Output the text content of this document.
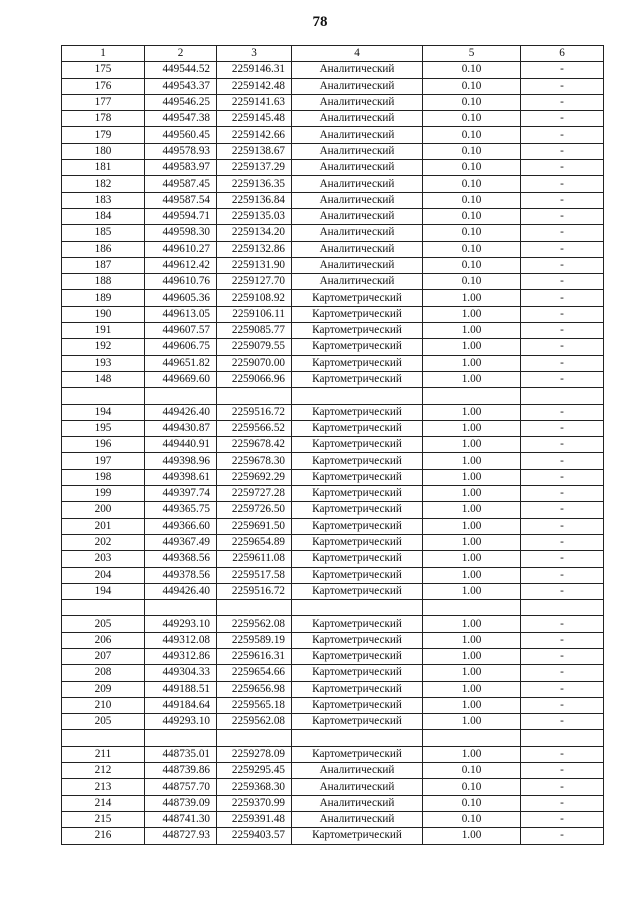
78
1	2	3	4	5	6
175	449544.52	2259146.31	Аналитический	0.10	-
176	449543.37	2259142.48	Аналитический	0.10	-
177	449546.25	2259141.63	Аналитический	0.10	-
178	449547.38	2259145.48	Аналитический	0.10	-
179	449560.45	2259142.66	Аналитический	0.10	-
180	449578.93	2259138.67	Аналитический	0.10	-
181	449583.97	2259137.29	Аналитический	0.10	-
182	449587.45	2259136.35	Аналитический	0.10	-
183	449587.54	2259136.84	Аналитический	0.10	-
184	449594.71	2259135.03	Аналитический	0.10	-
185	449598.30	2259134.20	Аналитический	0.10	-
186	449610.27	2259132.86	Аналитический	0.10	-
187	449612.42	2259131.90	Аналитический	0.10	-
188	449610.76	2259127.70	Аналитический	0.10	-
189	449605.36	2259108.92	Картометрический	1.00	-
190	449613.05	2259106.11	Картометрический	1.00	-
191	449607.57	2259085.77	Картометрический	1.00	-
192	449606.75	2259079.55	Картометрический	1.00	-
193	449651.82	2259070.00	Картометрический	1.00	-
148	449669.60	2259066.96	Картометрический	1.00	-

194	449426.40	2259516.72	Картометрический	1.00	-
195	449430.87	2259566.52	Картометрический	1.00	-
196	449440.91	2259678.42	Картометрический	1.00	-
197	449398.96	2259678.30	Картометрический	1.00	-
198	449398.61	2259692.29	Картометрический	1.00	-
199	449397.74	2259727.28	Картометрический	1.00	-
200	449365.75	2259726.50	Картометрический	1.00	-
201	449366.60	2259691.50	Картометрический	1.00	-
202	449367.49	2259654.89	Картометрический	1.00	-
203	449368.56	2259611.08	Картометрический	1.00	-
204	449378.56	2259517.58	Картометрический	1.00	-
194	449426.40	2259516.72	Картометрический	1.00	-

205	449293.10	2259562.08	Картометрический	1.00	-
206	449312.08	2259589.19	Картометрический	1.00	-
207	449312.86	2259616.31	Картометрический	1.00	-
208	449304.33	2259654.66	Картометрический	1.00	-
209	449188.51	2259656.98	Картометрический	1.00	-
210	449184.64	2259565.18	Картометрический	1.00	-
205	449293.10	2259562.08	Картометрический	1.00	-

211	448735.01	2259278.09	Картометрический	1.00	-
212	448739.86	2259295.45	Аналитический	0.10	-
213	448757.70	2259368.30	Аналитический	0.10	-
214	448739.09	2259370.99	Аналитический	0.10	-
215	448741.30	2259391.48	Аналитический	0.10	-
216	448727.93	2259403.57	Картометрический	1.00	-
